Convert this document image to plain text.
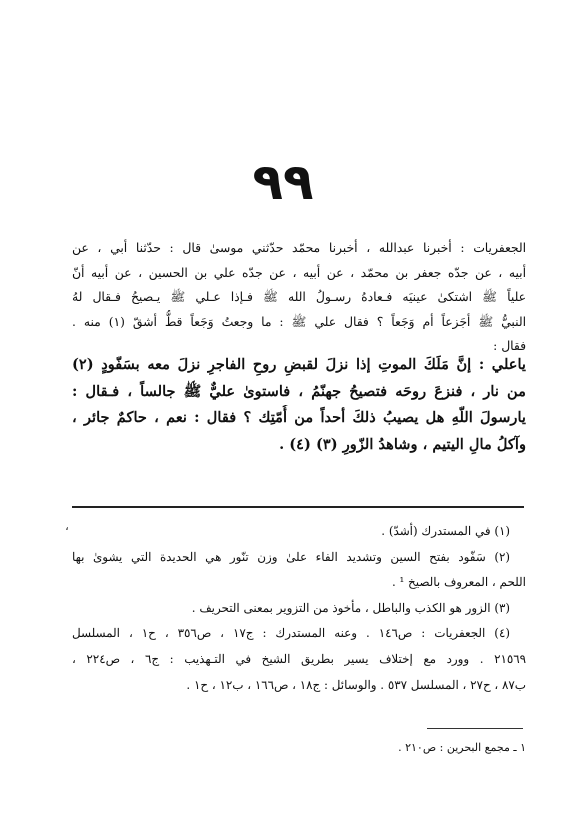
٩٩
الجعفريات : أخبرنا عبدالله ، أخبرنا محمّد حدّثني موسىٰ قال : حدّثنا أبي ، عن
أبيه ، عن جدّه جعفر بن محمّد ، عن أبيه ، عن جدّه علي بن الحسين ، عن أبيه أنّ
علياً ﷺ اشتكىٰ عينيَه فـعادهُ رسـولُ الله ﷺ فـإذا عـلي ﷺ يـصيحُ فـقال لهُ
النبيُّ ﷺ أجَزعاً أم وَجَعاً ؟ فقال علي ﷺ : ما وجعتُ وَجَعاً قطُّ أشقّ (١) منه .
فقال :
ياعلي : إنَّ مَلَكَ الموتِ إذا نزلَ لقبضِ روحِ الفاجرِ نزلَ معه بسَفّودٍ (٢)
من نار ، فنزعَ روحَه فتصيحُ جهنّمُ ، فاستوىٰ عليٌّ ﷺ جالساً ، فـقال :
يارسولَ اللّهِ هل يصيبُ ذلكَ أحداً من أُمّتِك ؟ فقال : نعم ، حاكمٌ جائر ،
وآكلُ مالِ اليتيم ، وشاهدُ الزّورِ (٣) (٤) .
،	(١) في المستدرك (أشدّ) .
(٢) سَفّود بفتح السين وتشديد الفاء علىٰ وزن تنّور هي الحديدة التي يشوىٰ بها
اللحم ، المعروف بالصيخ ¹ .
(٣) الزور هو الكذب والباطل ، مأخوذ من التزوير بمعنى التحريف .
(٤) الجعفريات : ص١٤٦ . وعنه المستدرك : ج١٧ ، ص٣٥٦ ، ح١ ، المسلسل
٢١٥٦٩ . وورد مع إختلاف يسير بطريق الشيخ في التـهذيب : ج٦ ، ص٢٢٤ ،
ب٨٧ ، ح٢٧ ، المسلسل ٥٣٧ . والوسائل : ج١٨ ، ص١٦٦ ، ب١٢ ، ح١ .
١ ـ مجمع البحرين : ص٢١٠ .
